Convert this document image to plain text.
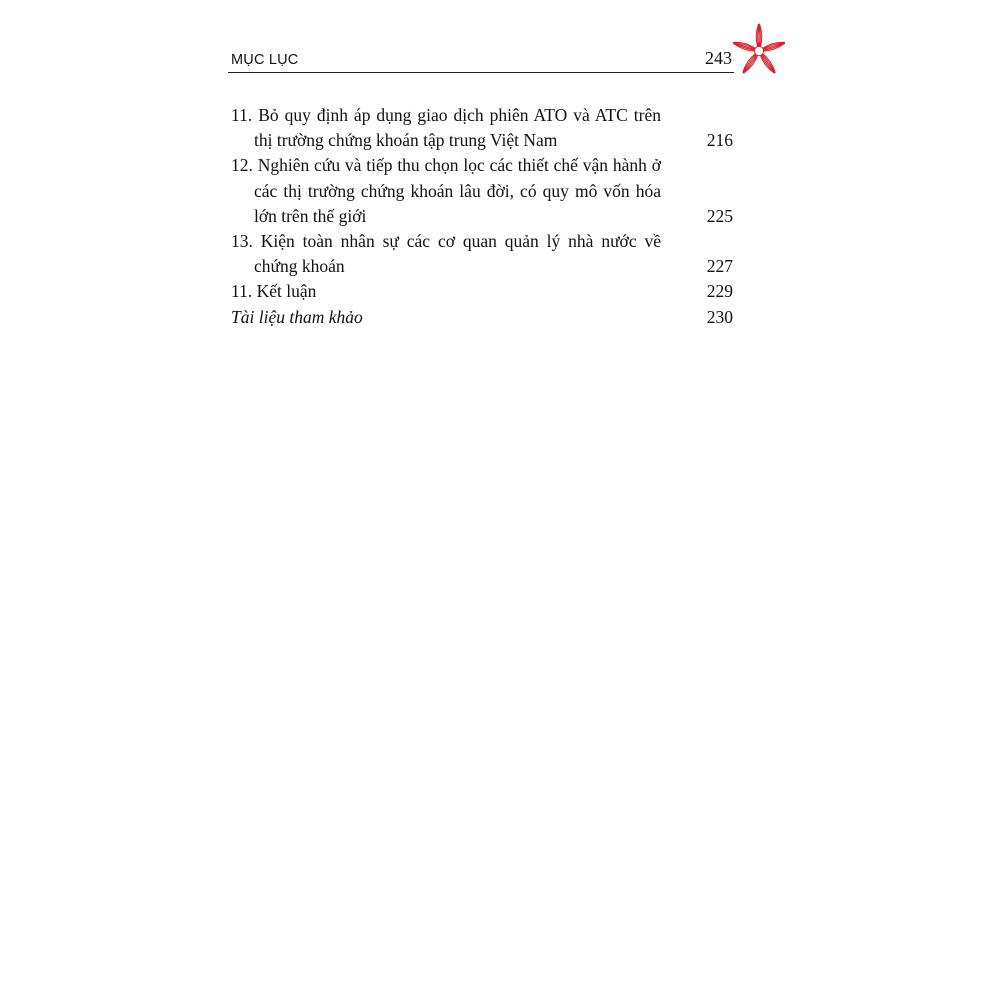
MỤC LỤC	243
11. Bỏ quy định áp dụng giao dịch phiên ATO và ATC trên thị trường chứng khoán tập trung Việt Nam	216
12. Nghiên cứu và tiếp thu chọn lọc các thiết chế vận hành ở các thị trường chứng khoán lâu đời, có quy mô vốn hóa lớn trên thế giới	225
13. Kiện toàn nhân sự các cơ quan quản lý nhà nước về chứng khoán	227
11. Kết luận	229
Tài liệu tham khảo	230
